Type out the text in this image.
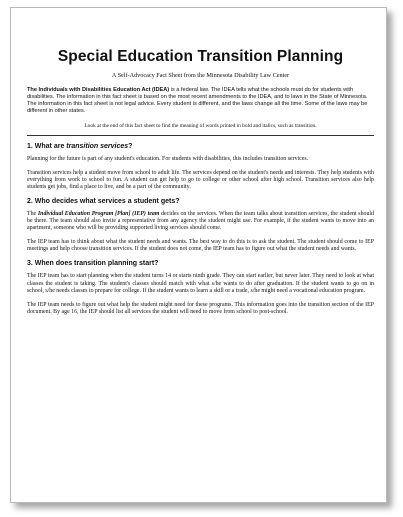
Special Education Transition Planning
A Self-Advocacy Fact Sheet from the Minnesota Disability Law Center

The Individuals with Disabilities Education Act (IDEA) is a federal law. The IDEA tells what the schools must do for students with disabilities. The information in this fact sheet is based on the most recent amendments to the IDEA, and to laws in the State of Minnesota. The information in this fact sheet is not legal advice. Every student is different, and the laws change all the time. Some of the laws may be different in other states.

Look at the end of this fact sheet to find the meaning of words printed in bold and italics, such as transition.
1. What are transition services?

Planning for the future is part of any student's education. For students with disabilities, this includes transition services.

Transition services help a student move from school to adult life. The services depend on the student's needs and interests. They help students with everything from work to school to fun. A student can get help to go to college or other school after high school. Transition services also help students get jobs, find a place to live, and be a part of the community.

2. Who decides what services a student gets?

The Individual Education Program [Plan] (IEP) team decides on the services. When the team talks about transition services, the student should be there. The team should also invite a representative from any agency the student might use. For example, if the student wants to move into an apartment, someone who will be providing supported living services should come.

The IEP team has to think about what the student needs and wants. The best way to do this is to ask the student. The student should come to IEP meetings and help choose transition services. If the student does not come, the IEP team has to figure out what the student needs and wants.

3. When does transition planning start?

The IEP team has to start planning when the student turns 14 or starts ninth grade. They can start earlier, but never later. They need to look at what classes the student is taking. The student's classes should match with what s/he wants to do after graduation. If the student wants to go on in school, s/he needs classes to prepare for college. If the student wants to learn a skill or a trade, s/he might need a vocational education program.

The IEP team needs to figure out what help the student might need for these programs. This information goes into the transition section of the IEP document. By age 16, the IEP should list all services the student will need to move from school to post-school.
